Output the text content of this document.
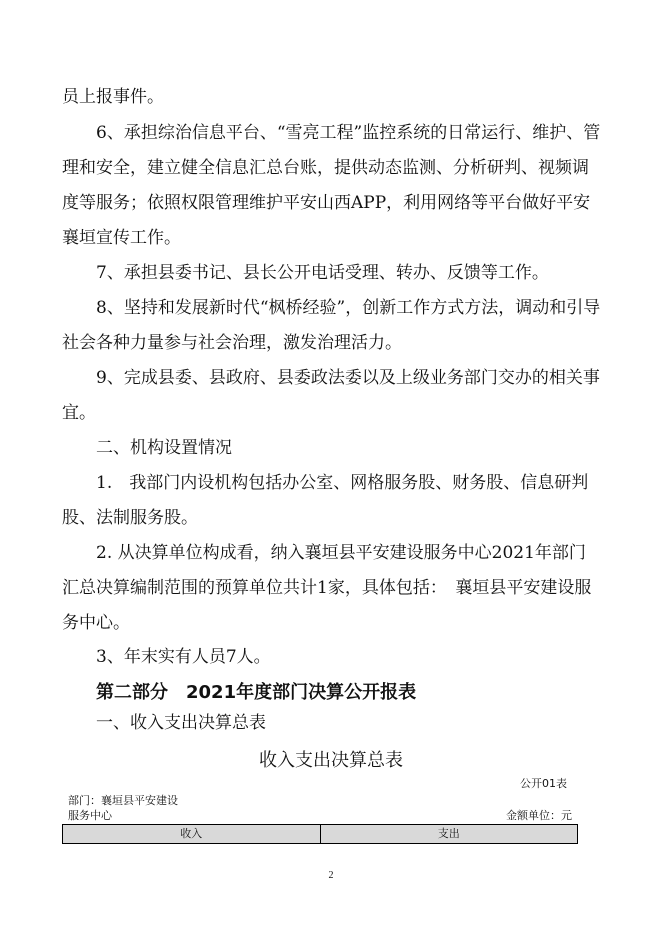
员上报事件。

6、承担综治信息平台、“雪亮工程”监控系统的日常运行、维护、管理和安全，建立健全信息汇总台账，提供动态监测、分析研判、视频调度等服务；依照权限管理维护平安山西APP，利用网络等平台做好平安襄垣宣传工作。

7、承担县委书记、县长公开电话受理、转办、反馈等工作。

8、坚持和发展新时代“枫桥经验”，创新工作方式方法，调动和引导社会各种力量参与社会治理，激发治理活力。

9、完成县委、县政府、县委政法委以及上级业务部门交办的相关事宜。

二、机构设置情况

1.　我部门内设机构包括办公室、网格服务股、财务股、信息研判股、法制服务股。

2. 从决算单位构成看，纳入襄垣县平安建设服务中心2021年部门汇总决算编制范围的预算单位共计1家，具体包括：　襄垣县平安建设服务中心。

3、年末实有人员7人。

第二部分　2021年度部门决算公开报表

一、收入支出决算总表

收入支出决算总表
公开01表
部门：襄垣县平安建设
服务中心	金额单位：元
收入	支出
2
